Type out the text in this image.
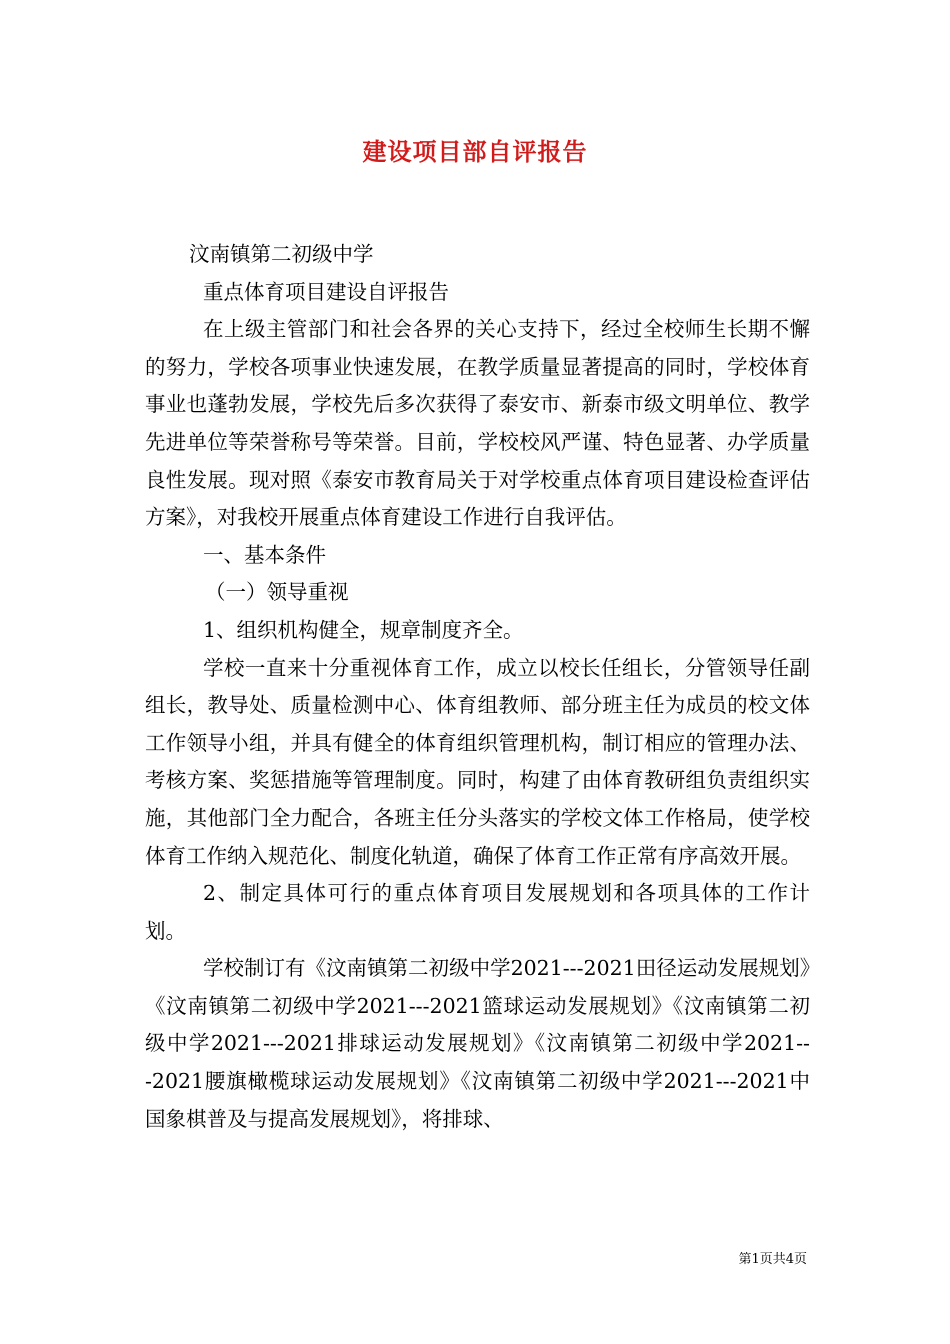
建设项目部自评报告

汶南镇第二初级中学

重点体育项目建设自评报告

在上级主管部门和社会各界的关心支持下，经过全校师生长期不懈的努力，学校各项事业快速发展，在教学质量显著提高的同时，学校体育事业也蓬勃发展，学校先后多次获得了泰安市、新泰市级文明单位、教学先进单位等荣誉称号等荣誉。目前，学校校风严谨、特色显著、办学质量良性发展。现对照《泰安市教育局关于对学校重点体育项目建设检查评估方案》，对我校开展重点体育建设工作进行自我评估。

一、基本条件

（一）领导重视

1、组织机构健全，规章制度齐全。

学校一直来十分重视体育工作，成立以校长任组长，分管领导任副组长，教导处、质量检测中心、体育组教师、部分班主任为成员的校文体工作领导小组，并具有健全的体育组织管理机构，制订相应的管理办法、考核方案、奖惩措施等管理制度。同时，构建了由体育教研组负责组织实施，其他部门全力配合，各班主任分头落实的学校文体工作格局，使学校体育工作纳入规范化、制度化轨道，确保了体育工作正常有序高效开展。

2、制定具体可行的重点体育项目发展规划和各项具体的工作计划。

学校制订有《汶南镇第二初级中学2021---2021田径运动发展规划》《汶南镇第二初级中学2021---2021篮球运动发展规划》《汶南镇第二初级中学2021---2021排球运动发展规划》《汶南镇第二初级中学2021---2021腰旗橄榄球运动发展规划》《汶南镇第二初级中学2021---2021中国象棋普及与提高发展规划》，将排球、

第1页共4页
